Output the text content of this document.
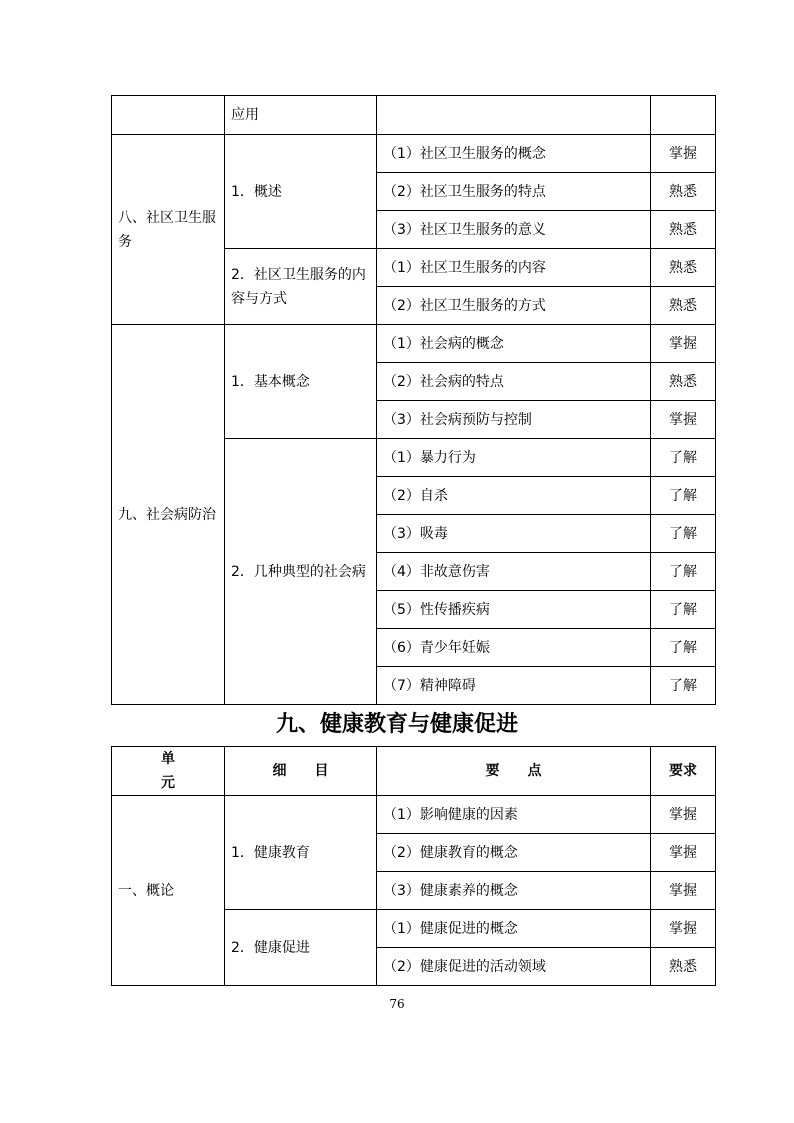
	应用		
八、社区卫生服务	1．概述	（1）社区卫生服务的概念	掌握
		（2）社区卫生服务的特点	熟悉
		（3）社区卫生服务的意义	熟悉
	2．社区卫生服务的内容与方式	（1）社区卫生服务的内容	熟悉
		（2）社区卫生服务的方式	熟悉
九、社会病防治	1．基本概念	（1）社会病的概念	掌握
		（2）社会病的特点	熟悉
		（3）社会病预防与控制	掌握
	2．几种典型的社会病	（1）暴力行为	了解
		（2）自杀	了解
		（3）吸毒	了解
		（4）非故意伤害	了解
		（5）性传播疾病	了解
		（6）青少年妊娠	了解
		（7）精神障碍	了解
九、健康教育与健康促进
单元	细目	要点	要求
一、概论	1．健康教育	（1）影响健康的因素	掌握
		（2）健康教育的概念	掌握
		（3）健康素养的概念	掌握
	2．健康促进	（1）健康促进的概念	掌握
		（2）健康促进的活动领域	熟悉
76
